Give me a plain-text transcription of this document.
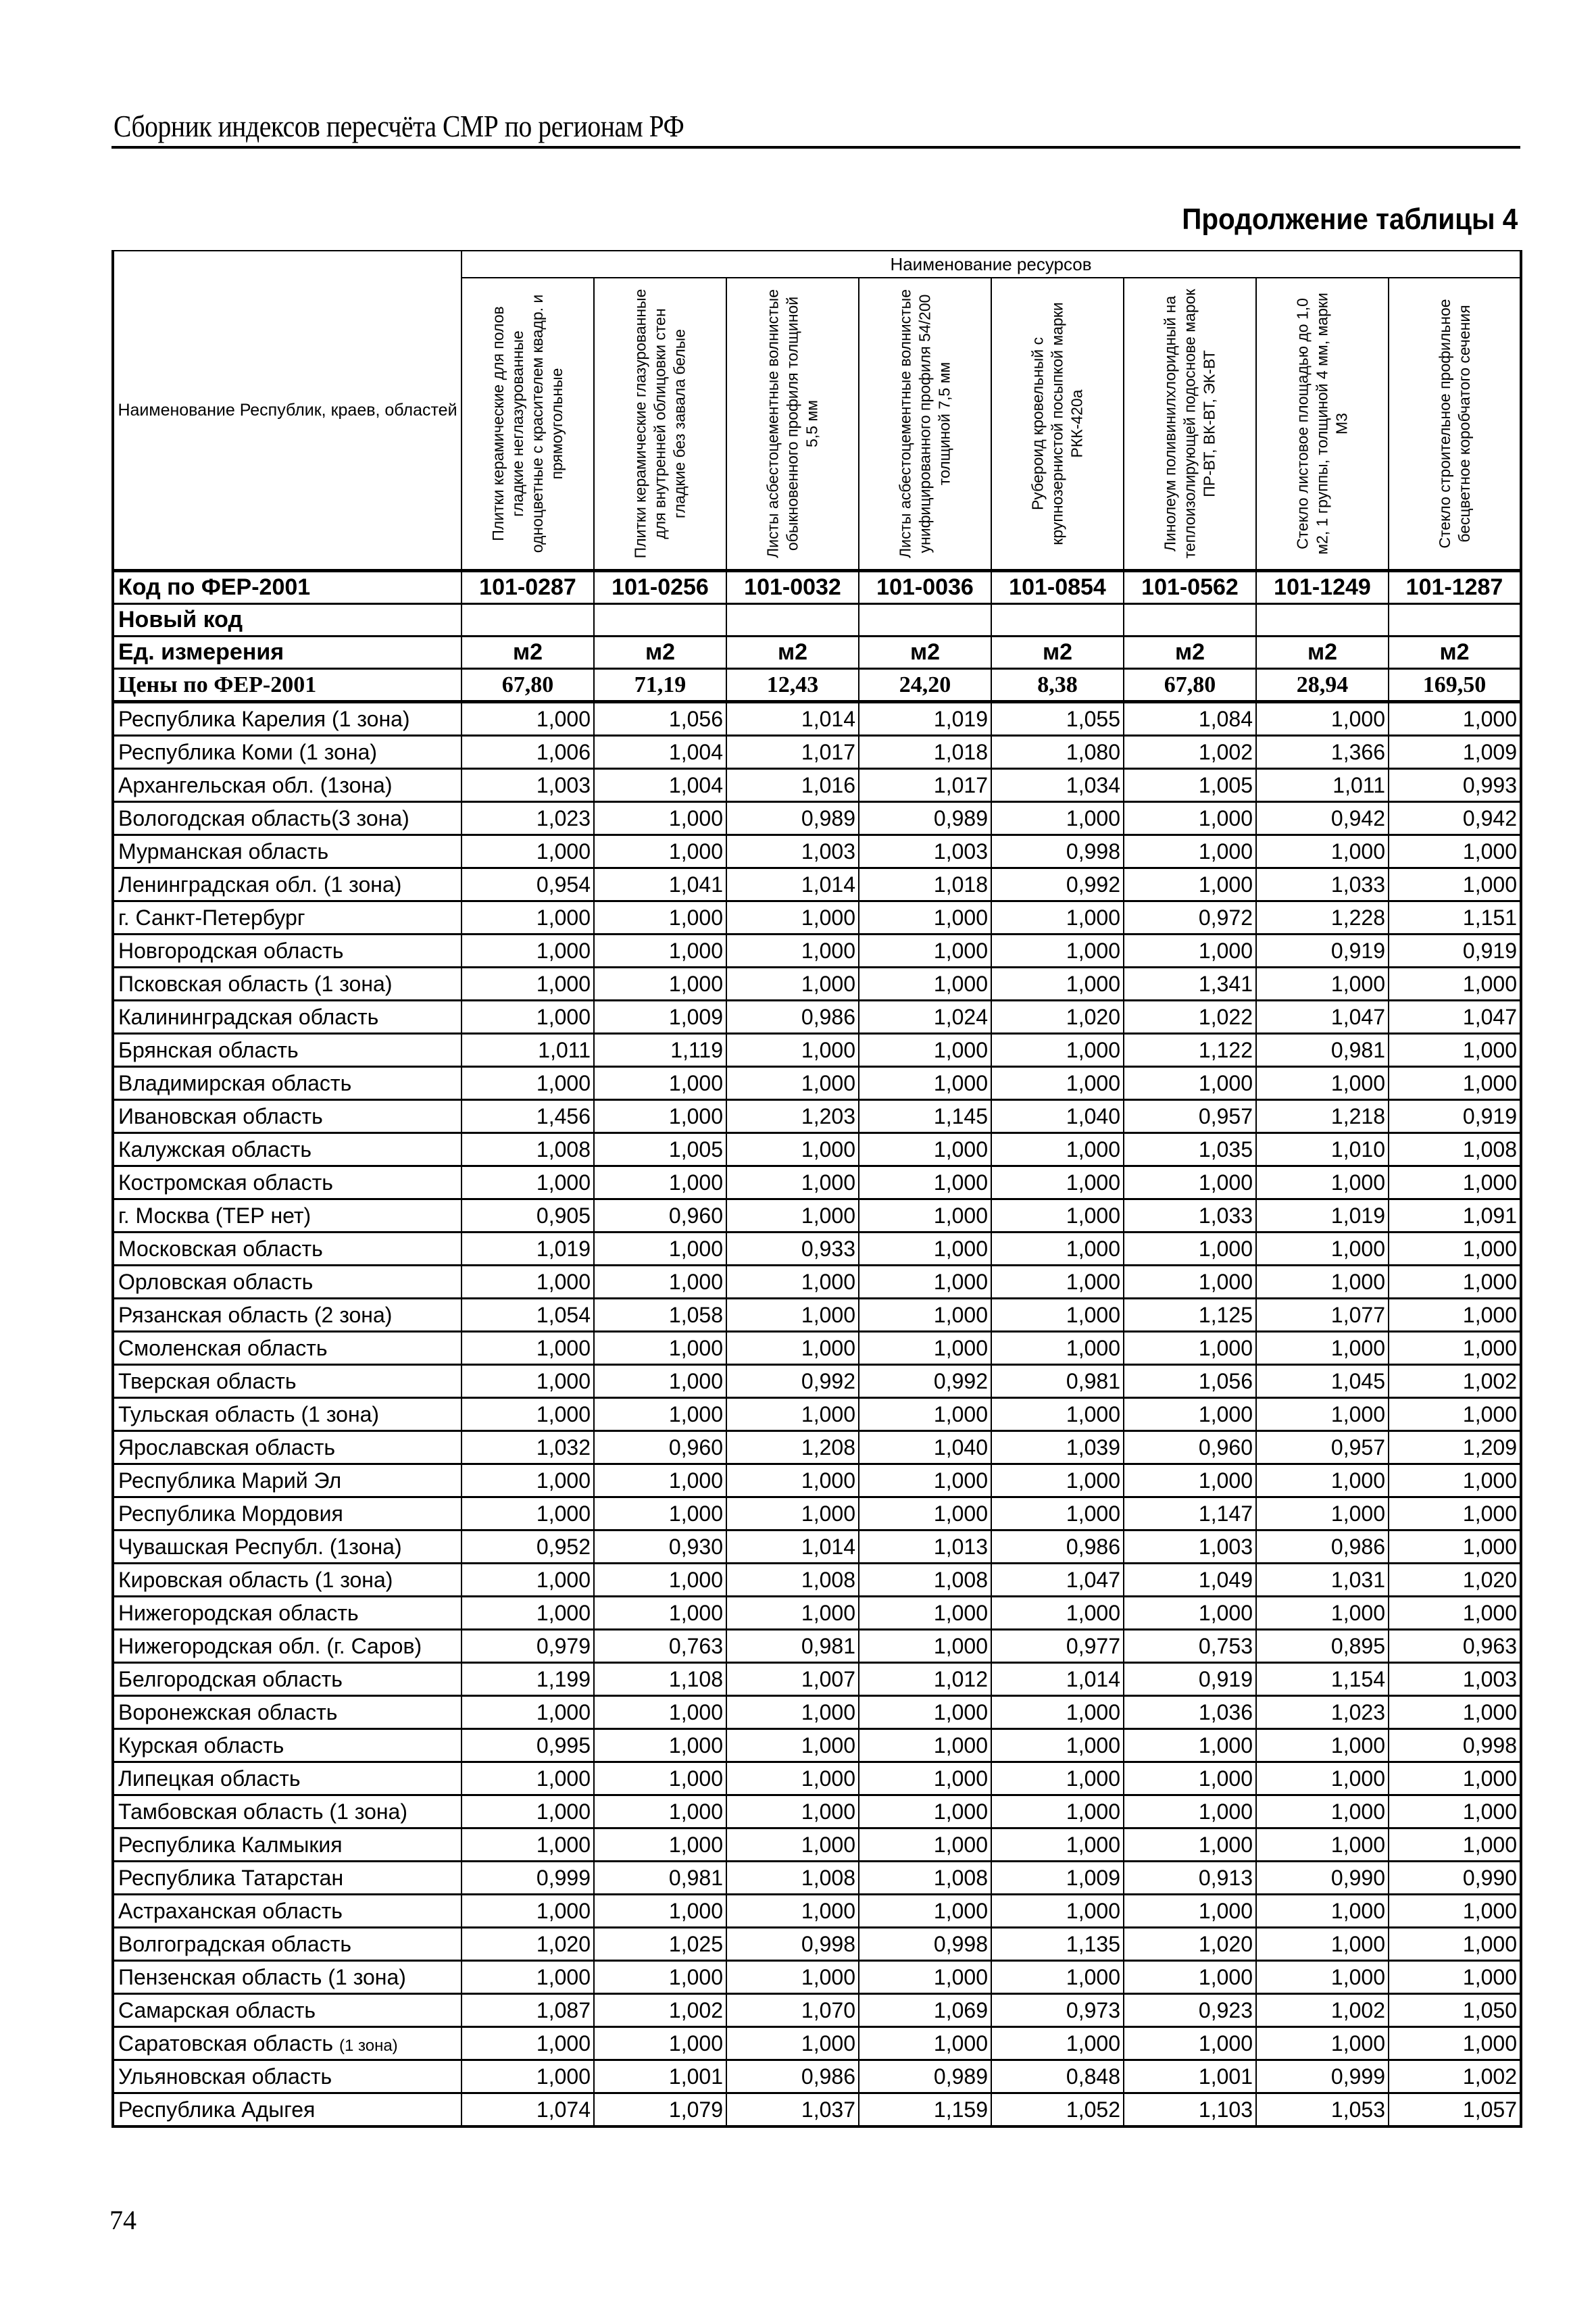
Сборник индексов пересчёта СМР по регионам РФ
Продолжение таблицы 4
Наименование Республик, краев, областей	Наименование ресурсов							

	Плитки керамические для полов гладкие неглазурованные одноцветные с красителем квадр. и прямоугольные	Плитки керамические глазурованные для внутренней облицовки стен гладкие без завала белые	Листы асбестоцементные волнистые обыкновенного профиля толщиной 5,5 мм	Листы асбестоцементные волнистые унифицированного профиля 54/200 толщиной 7,5 мм	Рубероид кровельный с крупнозернистой посыпкой марки РКК-420а	Линолеум поливинилхлоридный на теплоизолирующей подоснове марок ПР-ВТ, ВК-ВТ, ЭК-ВТ	Стекло листовое площадью до 1,0 м2, 1 группы, толщиной 4 мм, марки М3	Стекло строительное профильное бесцветное коробчатого сечения

Код по ФЕР-2001	101-0287	101-0256	101-0032	101-0036	101-0854	101-0562	101-1249	101-1287
Новый код								
Ед. измерения	м2	м2	м2	м2	м2	м2	м2	м2
Цены по ФЕР-2001	67,80	71,19	12,43	24,20	8,38	67,80	28,94	169,50
Республика Карелия (1 зона)	1,000	1,056	1,014	1,019	1,055	1,084	1,000	1,000
Республика Коми (1 зона)	1,006	1,004	1,017	1,018	1,080	1,002	1,366	1,009
Архангельская обл. (1зона)	1,003	1,004	1,016	1,017	1,034	1,005	1,011	0,993
Вологодская область(3 зона)	1,023	1,000	0,989	0,989	1,000	1,000	0,942	0,942
Мурманская область	1,000	1,000	1,003	1,003	0,998	1,000	1,000	1,000
Ленинградская обл. (1 зона)	0,954	1,041	1,014	1,018	0,992	1,000	1,033	1,000
г. Санкт-Петербург	1,000	1,000	1,000	1,000	1,000	0,972	1,228	1,151
Новгородская область	1,000	1,000	1,000	1,000	1,000	1,000	0,919	0,919
Псковская область (1 зона)	1,000	1,000	1,000	1,000	1,000	1,341	1,000	1,000
Калининградская область	1,000	1,009	0,986	1,024	1,020	1,022	1,047	1,047
Брянская область	1,011	1,119	1,000	1,000	1,000	1,122	0,981	1,000
Владимирская область	1,000	1,000	1,000	1,000	1,000	1,000	1,000	1,000
Ивановская область	1,456	1,000	1,203	1,145	1,040	0,957	1,218	0,919
Калужская область	1,008	1,005	1,000	1,000	1,000	1,035	1,010	1,008
Костромская область	1,000	1,000	1,000	1,000	1,000	1,000	1,000	1,000
г. Москва (ТЕР нет)	0,905	0,960	1,000	1,000	1,000	1,033	1,019	1,091
Московская область	1,019	1,000	0,933	1,000	1,000	1,000	1,000	1,000
Орловская область	1,000	1,000	1,000	1,000	1,000	1,000	1,000	1,000
Рязанская область (2 зона)	1,054	1,058	1,000	1,000	1,000	1,125	1,077	1,000
Смоленская область	1,000	1,000	1,000	1,000	1,000	1,000	1,000	1,000
Тверская область	1,000	1,000	0,992	0,992	0,981	1,056	1,045	1,002
Тульская область (1 зона)	1,000	1,000	1,000	1,000	1,000	1,000	1,000	1,000
Ярославская область	1,032	0,960	1,208	1,040	1,039	0,960	0,957	1,209
Республика Марий Эл	1,000	1,000	1,000	1,000	1,000	1,000	1,000	1,000
Республика Мордовия	1,000	1,000	1,000	1,000	1,000	1,147	1,000	1,000
Чувашская Республ. (1зона)	0,952	0,930	1,014	1,013	0,986	1,003	0,986	1,000
Кировская область (1 зона)	1,000	1,000	1,008	1,008	1,047	1,049	1,031	1,020
Нижегородская область	1,000	1,000	1,000	1,000	1,000	1,000	1,000	1,000
Нижегородская обл. (г. Саров)	0,979	0,763	0,981	1,000	0,977	0,753	0,895	0,963
Белгородская область	1,199	1,108	1,007	1,012	1,014	0,919	1,154	1,003
Воронежская область	1,000	1,000	1,000	1,000	1,000	1,036	1,023	1,000
Курская область	0,995	1,000	1,000	1,000	1,000	1,000	1,000	0,998
Липецкая область	1,000	1,000	1,000	1,000	1,000	1,000	1,000	1,000
Тамбовская область (1 зона)	1,000	1,000	1,000	1,000	1,000	1,000	1,000	1,000
Республика Калмыкия	1,000	1,000	1,000	1,000	1,000	1,000	1,000	1,000
Республика Татарстан	0,999	0,981	1,008	1,008	1,009	0,913	0,990	0,990
Астраханская область	1,000	1,000	1,000	1,000	1,000	1,000	1,000	1,000
Волгоградская область	1,020	1,025	0,998	0,998	1,135	1,020	1,000	1,000
Пензенская область (1 зона)	1,000	1,000	1,000	1,000	1,000	1,000	1,000	1,000
Самарская область	1,087	1,002	1,070	1,069	0,973	0,923	1,002	1,050
Саратовская область (1 зона)	1,000	1,000	1,000	1,000	1,000	1,000	1,000	1,000
Ульяновская область	1,000	1,001	0,986	0,989	0,848	1,001	0,999	1,002
Республика Адыгея	1,074	1,079	1,037	1,159	1,052	1,103	1,053	1,057
74
